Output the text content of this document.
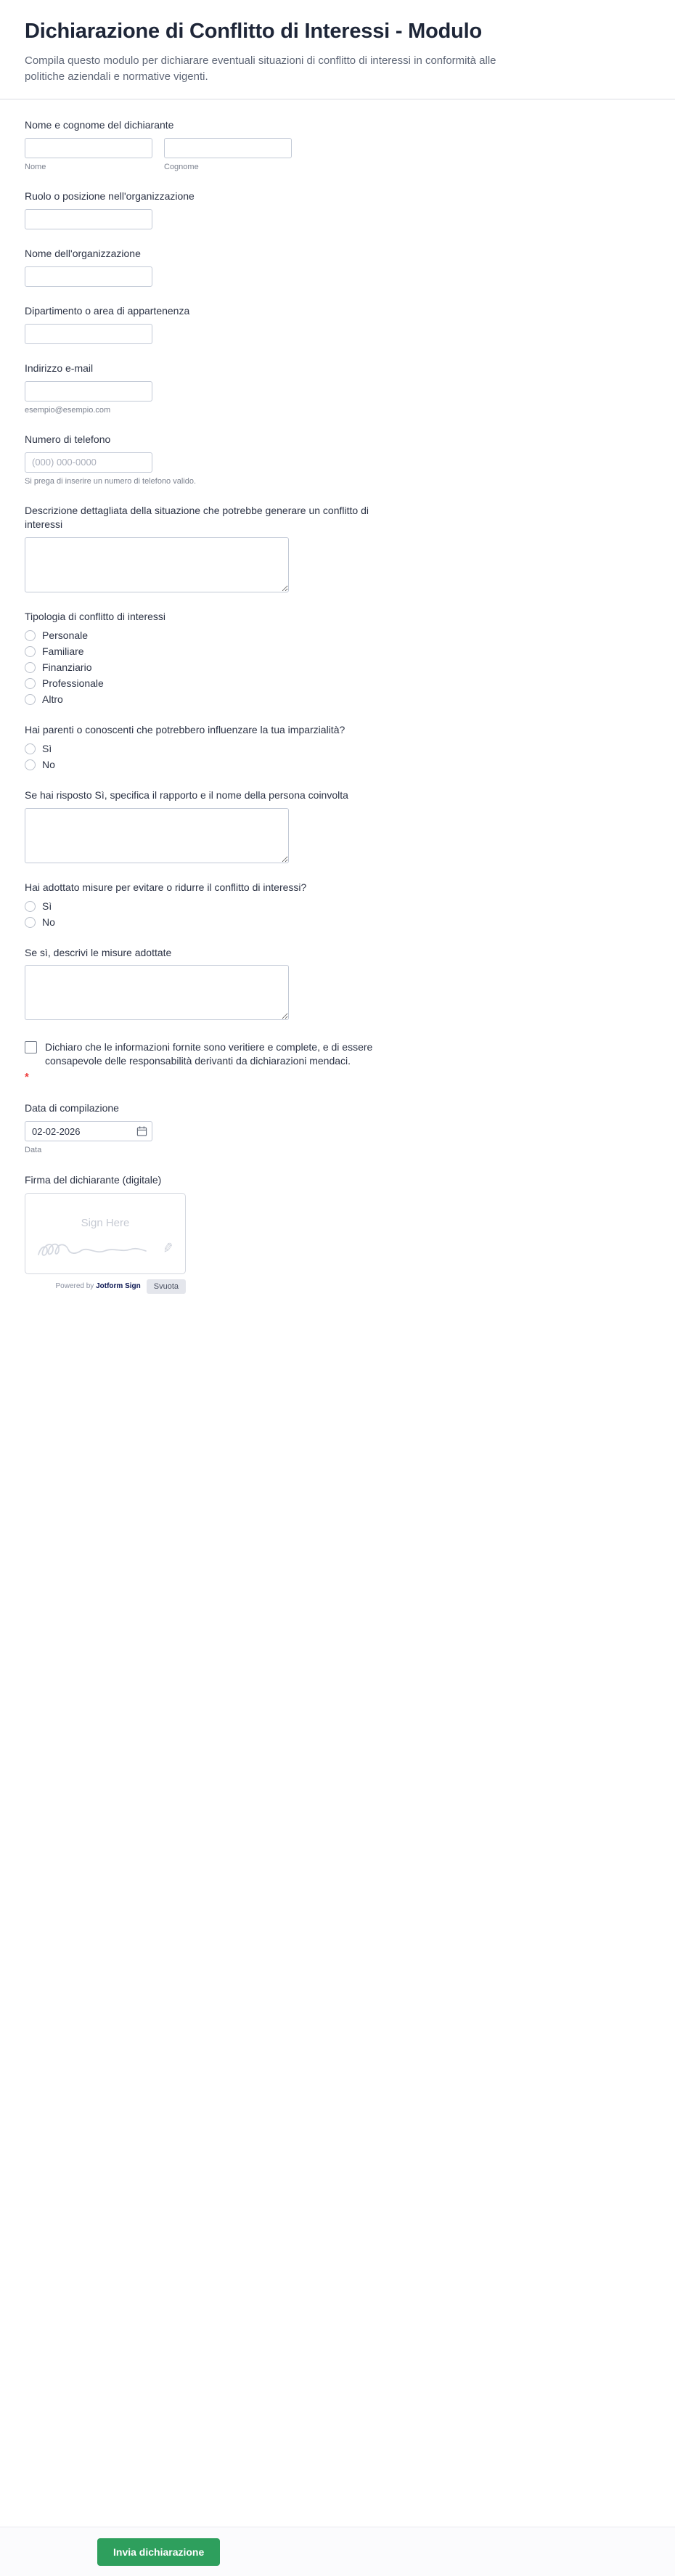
Dichiarazione di Conflitto di Interessi - Modulo

Compila questo modulo per dichiarare eventuali situazioni di conflitto di interessi in conformità alle politiche aziendali e normative vigenti.

Nome e cognome del dichiarante
Nome	Cognome
Ruolo o posizione nell'organizzazione
Nome dell'organizzazione
Dipartimento o area di appartenenza
Indirizzo e-mail
esempio@esempio.com
Numero di telefono
(000) 000-0000
Si prega di inserire un numero di telefono valido.
Descrizione dettagliata della situazione che potrebbe generare un conflitto di interessi
Tipologia di conflitto di interessi
Personale
Familiare
Finanziario
Professionale
Altro
Hai parenti o conoscenti che potrebbero influenzare la tua imparzialità?
Sì
No
Se hai risposto Sì, specifica il rapporto e il nome della persona coinvolta
Hai adottato misure per evitare o ridurre il conflitto di interessi?
Sì
No
Se sì, descrivi le misure adottate
Dichiaro che le informazioni fornite sono veritiere e complete, e di essere consapevole delle responsabilità derivanti da dichiarazioni mendaci.
*
Data di compilazione
02-02-2026
Data
Firma del dichiarante (digitale)
Sign Here
✎
Powered by Jotform Sign	Svuota
Invia dichiarazione
